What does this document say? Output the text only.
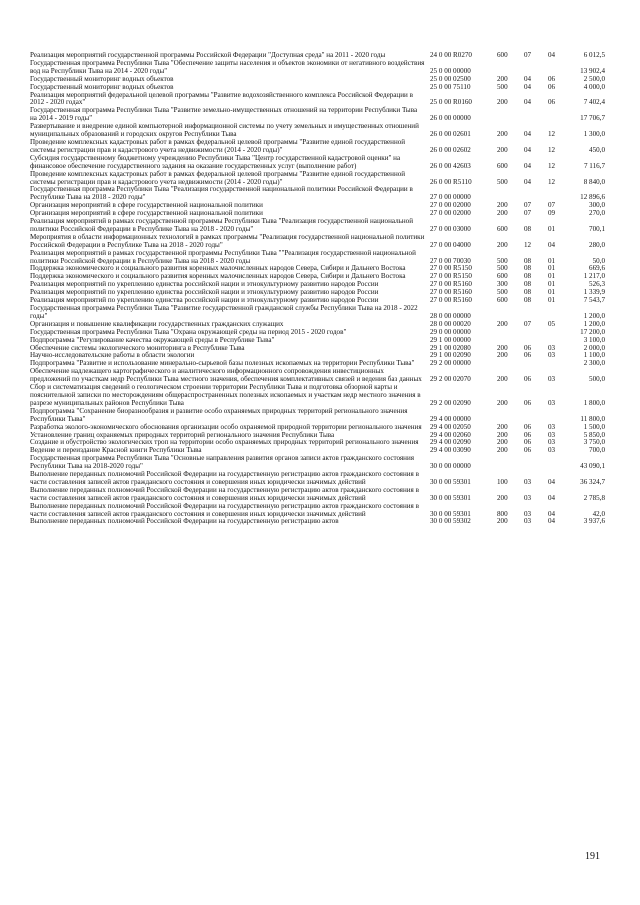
Реализация мероприятий государственной программы Российской Федерации "Доступная среда" на 2011 - 2020 годы	24 0 00 R0270	600 07 04	6 012,5
Государственная программа Республики Тыва "Обеспечение защиты населения и объектов экономики от негативного воздействия вод на Республики Тыва на 2014 - 2020 годы"	25 0 00 00000	13 902,4
Государственный мониторинг водных объектов	25 0 00 02500	200 04 06	2 500,0
Государственный мониторинг водных объектов	25 0 00 75110	500 04 06	4 000,0
Реализация мероприятий федеральной целевой программы "Развитие водохозяйственного комплекса Российской Федерации в 2012 - 2020 годах"	25 0 00 R0160	200 04 06	7 402,4
Государственная программа Республики Тыва "Развитие земельно-имущественных отношений на территории Республики Тыва на 2014 - 2019 годы"	26 0 00 00000	17 706,7
Развертывание и внедрение единой компьютерной информационной системы по учету земельных и имущественных отношений муниципальных образований и городских округов Республики Тыва	26 0 00 02601	200 04 12	1 300,0
Проведение комплексных кадастровых работ в рамках федеральной целевой программы "Развитие единой государственной системы регистрации прав и кадастрового учета недвижимости (2014 - 2020 годы)"	26 0 00 02602	200 04 12	450,0
Субсидия государственному бюджетному учреждению Республики Тыва "Центр государственной кадастровой оценки" на финансовое обеспечение государственного задания на оказание государственных услуг (выполнение работ)	26 0 00 42603	600 04 12	7 116,7
Проведение комплексных кадастровых работ в рамках федеральной целевой программы "Развитие единой государственной системы регистрации прав и кадастрового учета недвижимости (2014 - 2020 годы)"	26 0 00 R5110	500 04 12	8 840,0
Государственная программа Республики Тыва "Реализация государственной национальной политики Российской Федерации в Республике Тыва на 2018 - 2020 годы"	27 0 00 00000	12 896,6
Организация мероприятий в сфере государственной национальной политики	27 0 00 02000	200 07 07	300,0
Организация мероприятий в сфере государственной национальной политики	27 0 00 02000	200 07 09	270,0
Реализация мероприятий в рамках государственной программы Республики Тыва "Реализация государственной национальной политики Российской Федерации в Республике Тыва на 2018 - 2020 годы"	27 0 00 03000	600 08 01	700,1
Мероприятия в области информационных технологий в рамках программы "Реализация государственной национальной политики Российской Федерации в Республике Тыва на 2018 - 2020 годы"	27 0 00 04000	200 12 04	280,0
Реализация мероприятий в рамках государственной программы Республики Тыва ""Реализация государственной национальной политики Российской Федерации в Республике Тыва на 2018 - 2020 годы	27 0 00 70030	500 08 01	50,0
Поддержка экономического и социального развития коренных малочисленных народов Севера, Сибири и Дальнего Востока	27 0 00 R5150	500 08 01	669,6
Поддержка экономического и социального развития коренных малочисленных народов Севера, Сибири и Дальнего Востока	27 0 00 R5150	600 08 01	1 217,0
Реализация мероприятий по укреплению единства российской нации и этнокультурному развитию народов России	27 0 00 R5160	300 08 01	526,3
Реализация мероприятий по укреплению единства российской нации и этнокультурному развитию народов России	27 0 00 R5160	500 08 01	1 339,9
Реализация мероприятий по укреплению единства российской нации и этнокультурному развитию народов России	27 0 00 R5160	600 08 01	7 543,7
Государственная программа Республики Тыва "Развитие государственной гражданской службы Республики Тыва на 2018 - 2022 годы"	28 0 00 00000	1 200,0
Организация и повышение квалификации государственных гражданских служащих	28 0 00 00020	200 07 05	1 200,0
Государственная программа Республики Тыва "Охрана окружающей среды на период 2015 - 2020 годов"	29 0 00 00000	17 200,0
Подпрограмма "Регулирование качества окружающей среды в Республике Тыва"	29 1 00 00000	3 100,0
Обеспечение системы экологического мониторинга в Республике Тыва	29 1 00 02080	200 06 03	2 000,0
Научно-исследовательские работы в области экологии	29 1 00 02090	200 06 03	1 100,0
Подпрограмма "Развитие и использование минерально-сырьевой базы полезных ископаемых на территории Республики Тыва"	29 2 00 00000	2 300,0
Обеспечение надлежащего картографического и аналитического информационного сопровождения инвестиционных предложений по участкам недр Республики Тыва местного значения, обеспечения комплектативных связей и ведения баз данных	29 2 00 02070	200 06 03	500,0
Сбор и систематизация сведений о геологическом строении территории Республики Тыва и подготовка обзорной карты и пояснительной записки по месторождениям общераспространенных полезных ископаемых и участкам недр местного значения в разрезе муниципальных районов Республики Тыва	29 2 00 02090	200 06 03	1 800,0
Подпрограмма "Сохранение биоразнообразия и развитие особо охраняемых природных территорий регионального значения Республики Тыва"	29 4 00 00000	11 800,0
Разработка эколого-экономического обоснования организации особо охраняемой природной территории регионального значения	29 4 00 02050	200 06 03	1 500,0
Установление границ охраняемых природных территорий регионального значения Республики Тыва	29 4 00 02060	200 06 03	5 850,0
Создание и обустройство экологических троп на территории особо охраняемых природных территорий регионального значения	29 4 00 02090	200 06 03	3 750,0
Ведение и переиздание Красной книги Республики Тыва	29 4 00 03090	200 06 03	700,0
Государственная программа Республики Тыва "Основные направления развития органов записи актов гражданского состояния Республики Тыва на 2018-2020 годы"	30 0 00 00000	43 090,1
Выполнение переданных полномочий Российской Федерации на государственную регистрацию актов гражданского состояния в части составления записей актов гражданского состояния и совершения иных юридически значимых действий	30 0 00 59301	100 03 04	36 324,7
Выполнение переданных полномочий Российской Федерации на государственную регистрацию актов гражданского состояния в части составления записей актов гражданского состояния и совершения иных юридически значимых действий	30 0 00 59301	200 03 04	2 785,8
Выполнение переданных полномочий Российской Федерации на государственную регистрацию актов гражданского состояния в части составления записей актов гражданского состояния и совершения иных юридически значимых действий	30 0 00 59301	800 03 04	42,0
Выполнение переданных полномочий Российской Федерации на государственную регистрацию актов	30 0 00 59302	200 03 04	3 937,6
191
